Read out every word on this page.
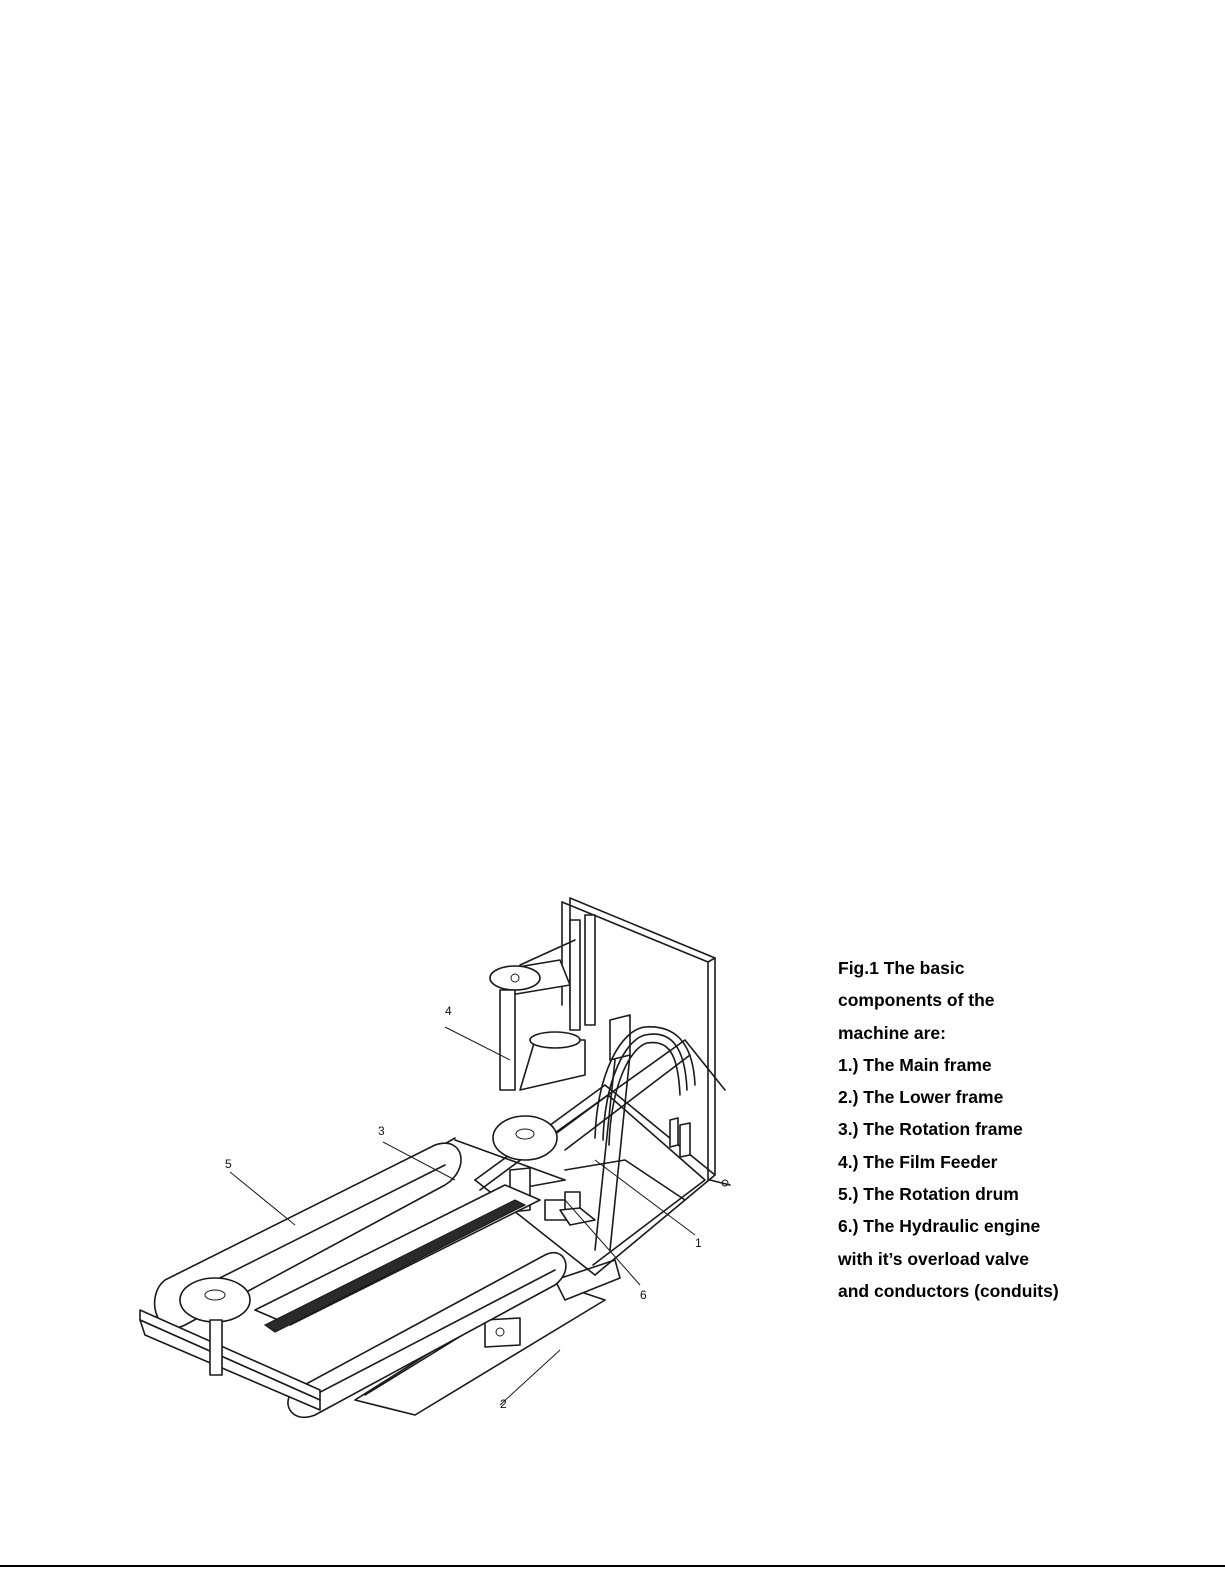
4
5
3
1
6
2
Fig.1 The basic
components of the
machine are:
1.) The Main frame
2.) The Lower frame
3.) The Rotation frame
4.) The Film Feeder
5.) The Rotation drum
6.) The Hydraulic engine
with it’s overload valve
and conductors (conduits)
